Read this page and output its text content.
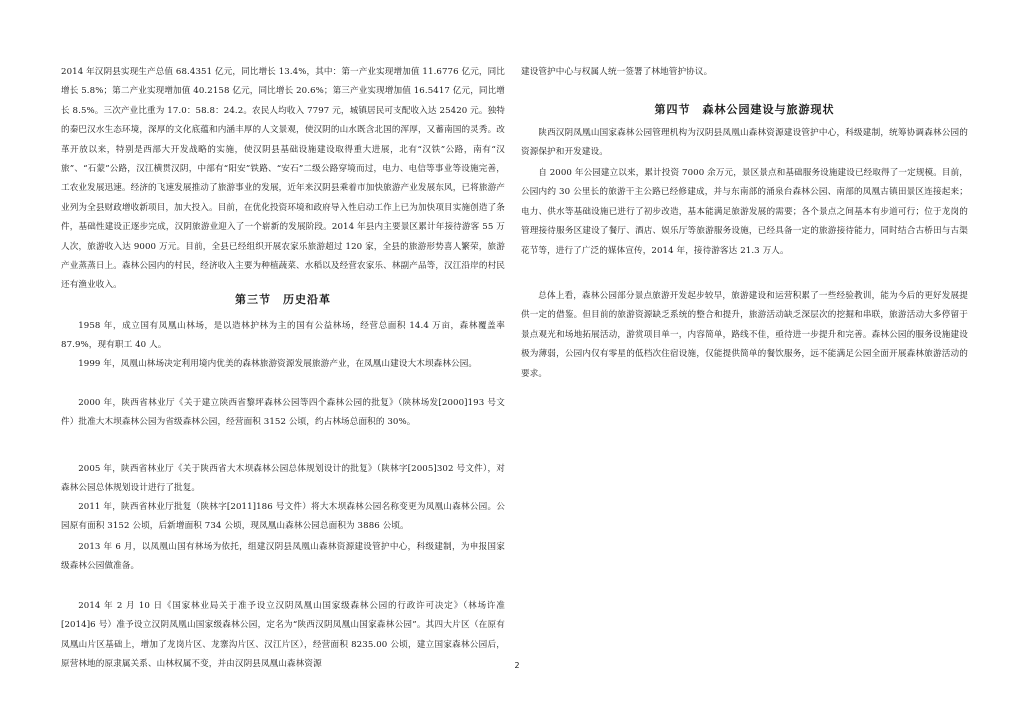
2014 年汉阴县实现生产总值 68.4351 亿元，同比增长 13.4%，其中：第一产业实现增加值 11.6776 亿元，同比增长 5.8%；第二产业实现增加值 40.2158 亿元，同比增长 20.6%；第三产业实现增加值 16.5417 亿元，同比增长 8.5%。三次产业比重为 17.0：58.8：24.2。农民人均收入 7797 元，城镇居民可支配收入达 25420 元。独特的秦巴汉水生态环境，深厚的文化底蕴和内涵丰厚的人文景观，使汉阴的山水既含北国的浑厚，又蓄南国的灵秀。改革开放以来，特别是西部大开发战略的实施，使汉阴县基础设施建设取得重大进展，北有“汉铁”公路，南有“汉旅”、“石蒙”公路，汉江横贯汉阴，中部有“阳安”铁路、“安石”二级公路穿境而过，电力、电信等事业等设施完善，工农业发展迅速。经济的飞速发展推动了旅游事业的发展，近年来汉阴县乘着市加快旅游产业发展东风，已将旅游产业列为全县财政增收新项目，加大投入。目前，在优化投资环境和政府导入性启动工作上已为加快项目实施创造了条件，基础性建设正逐步完成，汉阴旅游业迎入了一个崭新的发展阶段。2014 年县内主要景区累计年接待游客 55 万人次，旅游收入达 9000 万元。目前，全县已经组织开展农家乐旅游超过 120 家，全县的旅游形势喜人繁荣，旅游产业蒸蒸日上。森林公园内的村民，经济收入主要为种植蔬菜、水稻以及经营农家乐、林副产品等，汉江沿岸的村民还有渔业收入。

第三节　历史沿革

1958 年，成立国有凤凰山林场，是以造林护林为主的国有公益林场，经营总面积 14.4 万亩，森林覆盖率 87.9%，现有职工 40 人。

1999 年，凤凰山林场决定利用境内优美的森林旅游资源发展旅游产业，在凤凰山建设大木坝森林公园。

2000 年，陕西省林业厅《关于建立陕西省黎坪森林公园等四个森林公园的批复》（陕林场发[2000]193 号文件）批准大木坝森林公园为省级森林公园，经营面积 3152 公顷，约占林场总面积的 30%。

2005 年，陕西省林业厅《关于陕西省大木坝森林公园总体规划设计的批复》（陕林字[2005]302 号文件），对森林公园总体规划设计进行了批复。

2011 年，陕西省林业厅批复（陕林字[2011]186 号文件）将大木坝森林公园名称变更为凤凰山森林公园。公园原有面积 3152 公顷，后新增面积 734 公顷，现凤凰山森林公园总面积为 3886 公顷。

2013 年 6 月，以凤凰山国有林场为依托，组建汉阴县凤凰山森林资源建设管护中心，科级建制，为申报国家级森林公园做准备。

2014 年 2 月 10 日《国家林业局关于准予设立汉阴凤凰山国家级森林公园的行政许可决定》（林场许准[2014]6 号）准予设立汉阴凤凰山国家级森林公园，定名为“陕西汉阴凤凰山国家森林公园”。其四大片区（在原有凤凰山片区基础上，增加了龙岗片区、龙寨沟片区、汉江片区），经营面积 8235.00 公顷，建立国家森林公园后，原营林地的原隶属关系、山林权属不变，并由汉阴县凤凰山森林资源

建设管护中心与权属人统一签署了林地管护协议。

第四节　森林公园建设与旅游现状

陕西汉阴凤凰山国家森林公园管理机构为汉阴县凤凰山森林资源建设管护中心，科级建制，统筹协调森林公园的资源保护和开发建设。

自 2000 年公园建立以来，累计投资 7000 余万元，景区景点和基础服务设施建设已经取得了一定规模。目前，公园内约 30 公里长的旅游干主公路已经修建成，并与东南部的涌泉台森林公园、南部的凤凰古镇田景区连接起来；电力、供水等基础设施已进行了初步改造，基本能满足旅游发展的需要；各个景点之间基本有步道可行；位于龙岗的管理接待服务区建设了餐厅、酒店、娱乐厅等旅游服务设施，已经具备一定的旅游接待能力，同时结合古桥田与古渠花节等，进行了广泛的媒体宣传，2014 年，接待游客达 21.3 万人。

总体上看，森林公园部分景点旅游开发起步较早，旅游建设和运营积累了一些经验教训，能为今后的更好发展提供一定的借鉴。但目前的旅游资源缺乏系统的整合和提升，旅游活动缺乏深层次的挖掘和串联，旅游活动大多停留于景点观光和场地拓展活动，游赏项目单一，内容简单，路线不佳，亟待进一步提升和完善。森林公园的服务设施建设极为薄弱，公园内仅有零星的低档次住宿设施，仅能提供简单的餐饮服务，远不能满足公园全面开展森林旅游活动的要求。

2
